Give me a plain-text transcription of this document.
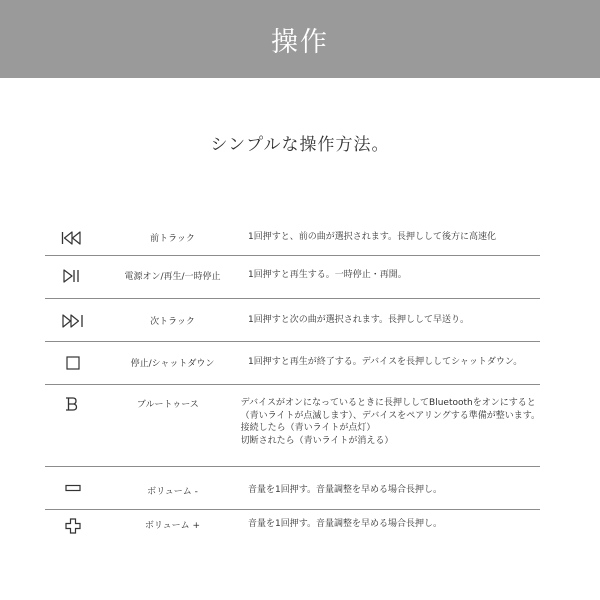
操作
シンプルな操作方法。
前トラック	1回押すと、前の曲が選択されます。長押しして後方に高速化
電源オン/再生/一時停止	1回押すと再生する。一時停止・再開。
次トラック	1回押すと次の曲が選択されます。長押しして早送り。
停止/シャットダウン	1回押すと再生が終了する。デバイスを長押ししてシャットダウン。
ブルートゥース	デバイスがオンになっているときに長押ししてBluetoothをオンにすると
（青いライトが点滅します）、デバイスをペアリングする準備が整います。
接続したら（青いライトが点灯）
切断されたら（青いライトが消える）
ボリューム -	音量を1回押す。音量調整を早める場合長押し。
ボリューム +	音量を1回押す。音量調整を早める場合長押し。
